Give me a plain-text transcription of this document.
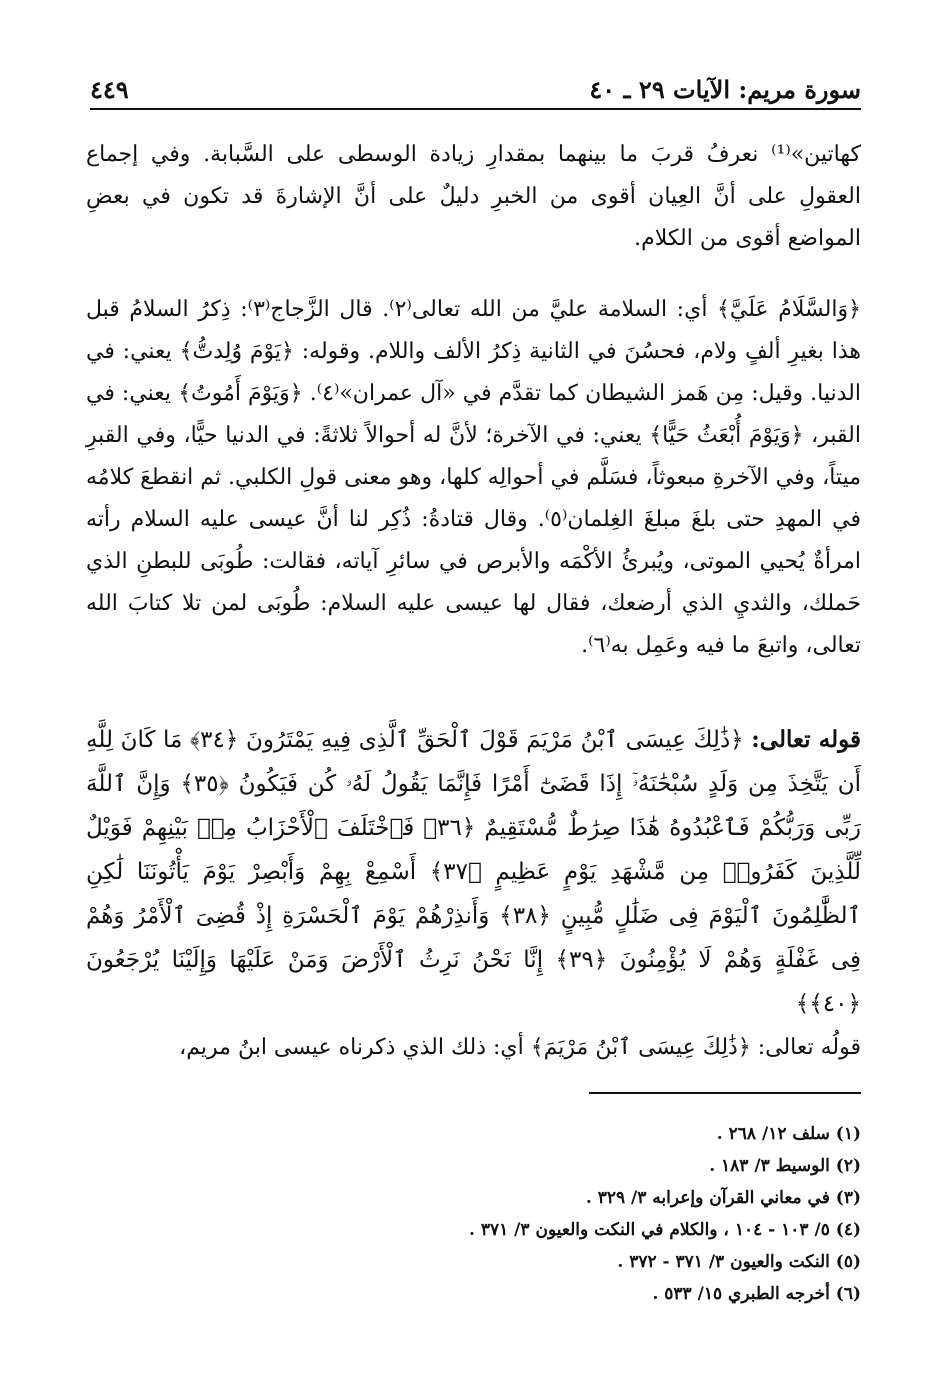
سورة مريم: الآيات ٢٩ ـ ٤٠
٤٤٩

كهاتين»⁽¹⁾ نعرفُ قربَ ما بينهما بمقدارِ زيادة الوسطى على السَّبابة. وفي إجماع العقولِ على أنَّ العِيان أقوى من الخبرِ دليلٌ على أنَّ الإشارةَ قد تكون في بعضِ المواضع أقوى من الكلام.

﴿وَالسَّلَامُ عَلَيَّ﴾ أي: السلامة عليَّ من الله تعالى⁽٢⁾. قال الزَّجاج⁽٣⁾: ذِكرُ السلامُ قبل هذا بغيرِ ألفٍ ولام، فحسُنَ في الثانية ذِكرُ الألف واللام. وقوله: ﴿يَوْمَ وُلِدتُّ﴾ يعني: في الدنيا. وقيل: مِن هَمز الشيطان كما تقدَّم في «آل عمران»⁽٤⁾. ﴿وَيَوْمَ أَمُوتُ﴾ يعني: في القبر، ﴿وَيَوْمَ أُبْعَثُ حَيًّا﴾ يعني: في الآخرة؛ لأنَّ له أحوالاً ثلاثةً: في الدنيا حيًّا، وفي القبرِ ميتاً، وفي الآخرةِ مبعوثاً، فسَلَّم في أحوالِه كلها، وهو معنى قولِ الكلبي. ثم انقطعَ كلامُه في المهدِ حتى بلغَ مبلغَ الغِلمان⁽٥⁾. وقال قتادةُ: ذُكِر لنا أنَّ عيسى عليه السلام رأته امرأةٌ يُحيي الموتى، ويُبرئُ الأكْمَه والأبرص في سائرِ آياته، فقالت: طُوبَى للبطنِ الذي حَملك، والثديِ الذي أرضعك، فقال لها عيسى عليه السلام: طُوبَى لمن تلا كتابَ الله تعالى، واتبعَ ما فيه وعَمِل به⁽٦⁾.

قوله تعالى: ﴿ذَٰلِكَ عِيسَى ٱبْنُ مَرْيَمَ قَوْلَ ٱلْحَقِّ ٱلَّذِى فِيهِ يَمْتَرُونَ ﴿٣٤﴾ مَا كَانَ لِلَّهِ أَن يَتَّخِذَ مِن وَلَدٍ سُبْحَٰنَهُۥٓ إِذَا قَضَىٰٓ أَمْرًا فَإِنَّمَا يَقُولُ لَهُۥ كُن فَيَكُونُ ﴿٣٥﴾ وَإِنَّ ٱللَّهَ رَبِّى وَرَبُّكُمْ فَٱعْبُدُوهُ هَٰذَا صِرَٰطٌ مُّسْتَقِيمٌ ﴿٣٦﴾ فَٱخْتَلَفَ ٱلْأَحْزَابُ مِنۢ بَيْنِهِمْ فَوَيْلٌ لِّلَّذِينَ كَفَرُوا۟ مِن مَّشْهَدِ يَوْمٍ عَظِيمٍ ﴿٣٧﴾ أَسْمِعْ بِهِمْ وَأَبْصِرْ يَوْمَ يَأْتُونَنَا لَٰكِنِ ٱلظَّٰلِمُونَ ٱلْيَوْمَ فِى ضَلَٰلٍ مُّبِينٍ ﴿٣٨﴾ وَأَنذِرْهُمْ يَوْمَ ٱلْحَسْرَةِ إِذْ قُضِىَ ٱلْأَمْرُ وَهُمْ فِى غَفْلَةٍ وَهُمْ لَا يُؤْمِنُونَ ﴿٣٩﴾ إِنَّا نَحْنُ نَرِثُ ٱلْأَرْضَ وَمَنْ عَلَيْهَا وَإِلَيْنَا يُرْجَعُونَ ﴿٤٠﴾﴾
قولُه تعالى: ﴿ذَٰلِكَ عِيسَى ٱبْنُ مَرْيَمَ﴾ أي: ذلك الذي ذكرناه عيسى ابنُ مريم،
(١) سلف ١٢/ ٢٦٨ .
(٢) الوسيط ٣/ ١٨٣ .
(٣) في معاني القرآن وإعرابه ٣/ ٣٢٩ .
(٤) ٥/ ١٠٣ - ١٠٤ ، والكلام في النكت والعيون ٣/ ٣٧١ .
(٥) النكت والعيون ٣/ ٣٧١ - ٣٧٢ .
(٦) أخرجه الطبري ١٥/ ٥٣٣ .
